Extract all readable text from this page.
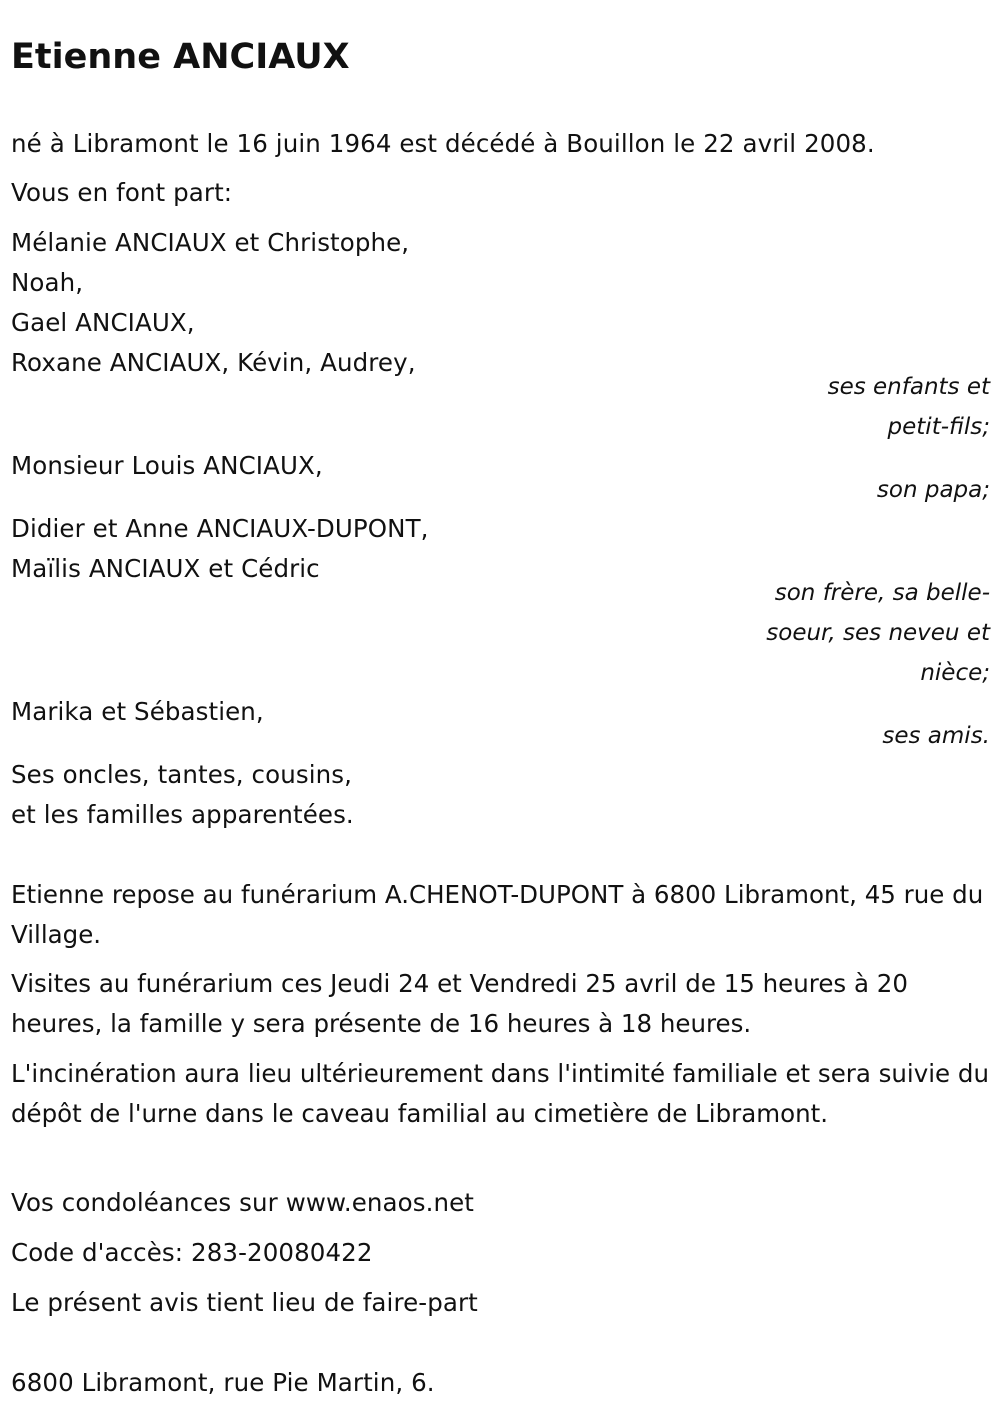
Etienne ANCIAUX
né à Libramont le 16 juin 1964 est décédé à Bouillon le 22 avril 2008.
Vous en font part:
Mélanie ANCIAUX et Christophe,
Noah,
Gael ANCIAUX,
Roxane ANCIAUX, Kévin, Audrey,
ses enfants et
petit-fils;
Monsieur Louis ANCIAUX,
son papa;
Didier et Anne ANCIAUX-DUPONT,
Maïlis ANCIAUX et Cédric
son frère, sa belle-
soeur, ses neveu et
nièce;
Marika et Sébastien,
ses amis.
Ses oncles, tantes, cousins,
et les familles apparentées.
Etienne repose au funérarium A.CHENOT-DUPONT à 6800 Libramont, 45 rue du Village.
Visites au funérarium ces Jeudi 24 et Vendredi 25 avril de 15 heures à 20 heures, la famille y sera présente de 16 heures à 18 heures.
L'incinération aura lieu ultérieurement dans l'intimité familiale et sera suivie du dépôt de l'urne dans le caveau familial au cimetière de Libramont.
Vos condoléances sur www.enaos.net
Code d'accès: 283-20080422
Le présent avis tient lieu de faire-part
6800 Libramont, rue Pie Martin, 6.
